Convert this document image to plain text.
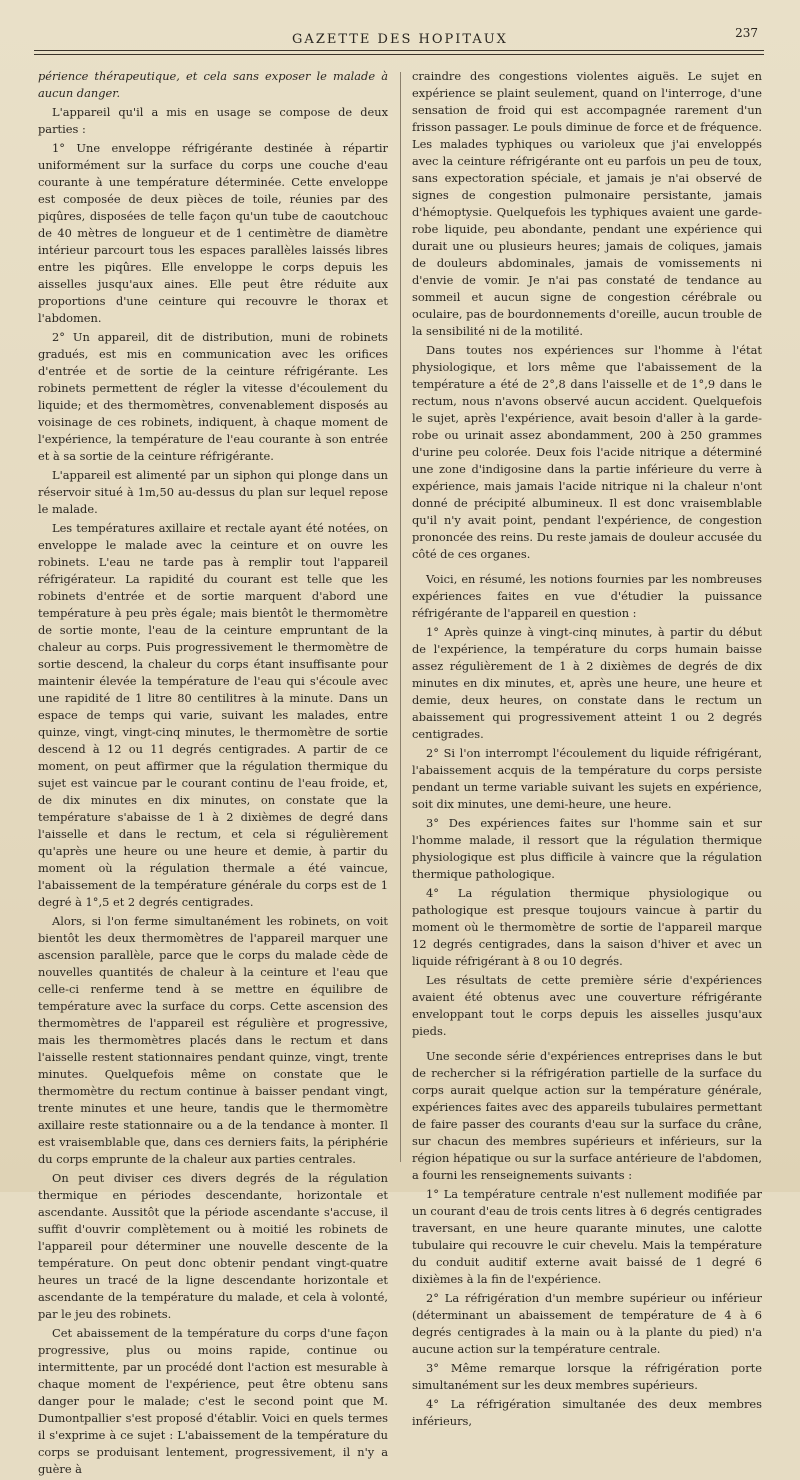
GAZETTE DES HOPITAUX	237

périence thérapeutique, et cela sans exposer le malade à aucun danger.

L'appareil qu'il a mis en usage se compose de deux parties :

1° Une enveloppe réfrigérante destinée à répartir uniformément sur la surface du corps une couche d'eau courante à une température déterminée. Cette enveloppe est composée de deux pièces de toile, réunies par des piqûres, disposées de telle façon qu'un tube de caoutchouc de 40 mètres de longueur et de 1 centimètre de diamètre intérieur parcourt tous les espaces parallèles laissés libres entre les piqûres. Elle enveloppe le corps depuis les aisselles jusqu'aux aines. Elle peut être réduite aux proportions d'une ceinture qui recouvre le thorax et l'abdomen.

2° Un appareil, dit de distribution, muni de robinets gradués, est mis en communication avec les orifices d'entrée et de sortie de la ceinture réfrigérante. Les robinets permettent de régler la vitesse d'écoulement du liquide; et des thermomètres, convenablement disposés au voisinage de ces robinets, indiquent, à chaque moment de l'expérience, la température de l'eau courante à son entrée et à sa sortie de la ceinture réfrigérante.

L'appareil est alimenté par un siphon qui plonge dans un réservoir situé à 1m,50 au-dessus du plan sur lequel repose le malade.

Les températures axillaire et rectale ayant été notées, on enveloppe le malade avec la ceinture et on ouvre les robinets. L'eau ne tarde pas à remplir tout l'appareil réfrigérateur. La rapidité du courant est telle que les robinets d'entrée et de sortie marquent d'abord une température à peu près égale; mais bientôt le thermomètre de sortie monte, l'eau de la ceinture empruntant de la chaleur au corps. Puis progressivement le thermomètre de sortie descend, la chaleur du corps étant insuffisante pour maintenir élevée la température de l'eau qui s'écoule avec une rapidité de 1 litre 80 centilitres à la minute. Dans un espace de temps qui varie, suivant les malades, entre quinze, vingt, vingt-cinq minutes, le thermomètre de sortie descend à 12 ou 11 degrés centigrades. A partir de ce moment, on peut affirmer que la régulation thermique du sujet est vaincue par le courant continu de l'eau froide, et, de dix minutes en dix minutes, on constate que la température s'abaisse de 1 à 2 dixièmes de degré dans l'aisselle et dans le rectum, et cela si régulièrement qu'après une heure ou une heure et demie, à partir du moment où la régulation thermale a été vaincue, l'abaissement de la température générale du corps est de 1 degré à 1°,5 et 2 degrés centigrades.

Alors, si l'on ferme simultanément les robinets, on voit bientôt les deux thermomètres de l'appareil marquer une ascension parallèle, parce que le corps du malade cède de nouvelles quantités de chaleur à la ceinture et l'eau que celle-ci renferme tend à se mettre en équilibre de température avec la surface du corps. Cette ascension des thermomètres de l'appareil est régulière et progressive, mais les thermomètres placés dans le rectum et dans l'aisselle restent stationnaires pendant quinze, vingt, trente minutes. Quelquefois même on constate que le thermomètre du rectum continue à baisser pendant vingt, trente minutes et une heure, tandis que le thermomètre axillaire reste stationnaire ou a de la tendance à monter. Il est vraisemblable que, dans ces derniers faits, la périphérie du corps emprunte de la chaleur aux parties centrales.

On peut diviser ces divers degrés de la régulation thermique en périodes descendante, horizontale et ascendante. Aussitôt que la période ascendante s'accuse, il suffit d'ouvrir complètement ou à moitié les robinets de l'appareil pour déterminer une nouvelle descente de la température. On peut donc obtenir pendant vingt-quatre heures un tracé de la ligne descendante horizontale et ascendante de la température du malade, et cela à volonté, par le jeu des robinets.

Cet abaissement de la température du corps d'une façon progressive, plus ou moins rapide, continue ou intermittente, par un procédé dont l'action est mesurable à chaque moment de l'expérience, peut être obtenu sans danger pour le malade; c'est le second point que M. Dumontpallier s'est proposé d'établir. Voici en quels termes il s'exprime à ce sujet : L'abaissement de la température du corps se produisant lentement, progressivement, il n'y a guère à

craindre des congestions violentes aiguës. Le sujet en expérience se plaint seulement, quand on l'interroge, d'une sensation de froid qui est accompagnée rarement d'un frisson passager. Le pouls diminue de force et de fréquence. Les malades typhiques ou varioleux que j'ai enveloppés avec la ceinture réfrigérante ont eu parfois un peu de toux, sans expectoration spéciale, et jamais je n'ai observé de signes de congestion pulmonaire persistante, jamais d'hémoptysie. Quelquefois les typhiques avaient une garde-robe liquide, peu abondante, pendant une expérience qui durait une ou plusieurs heures; jamais de coliques, jamais de douleurs abdominales, jamais de vomissements ni d'envie de vomir. Je n'ai pas constaté de tendance au sommeil et aucun signe de congestion cérébrale ou oculaire, pas de bourdonnements d'oreille, aucun trouble de la sensibilité ni de la motilité.

Dans toutes nos expériences sur l'homme à l'état physiologique, et lors même que l'abaissement de la température a été de 2°,8 dans l'aisselle et de 1°,9 dans le rectum, nous n'avons observé aucun accident. Quelquefois le sujet, après l'expérience, avait besoin d'aller à la garde-robe ou urinait assez abondamment, 200 à 250 grammes d'urine peu colorée. Deux fois l'acide nitrique a déterminé une zone d'indigosine dans la partie inférieure du verre à expérience, mais jamais l'acide nitrique ni la chaleur n'ont donné de précipité albumineux. Il est donc vraisemblable qu'il n'y avait point, pendant l'expérience, de congestion prononcée des reins. Du reste jamais de douleur accusée du côté de ces organes.

Voici, en résumé, les notions fournies par les nombreuses expériences faites en vue d'étudier la puissance réfrigérante de l'appareil en question :

1° Après quinze à vingt-cinq minutes, à partir du début de l'expérience, la température du corps humain baisse assez régulièrement de 1 à 2 dixièmes de degrés de dix minutes en dix minutes, et, après une heure, une heure et demie, deux heures, on constate dans le rectum un abaissement qui progressivement atteint 1 ou 2 degrés centigrades.

2° Si l'on interrompt l'écoulement du liquide réfrigérant, l'abaissement acquis de la température du corps persiste pendant un terme variable suivant les sujets en expérience, soit dix minutes, une demi-heure, une heure.

3° Des expériences faites sur l'homme sain et sur l'homme malade, il ressort que la régulation thermique physiologique est plus difficile à vaincre que la régulation thermique pathologique.

4° La régulation thermique physiologique ou pathologique est presque toujours vaincue à partir du moment où le thermomètre de sortie de l'appareil marque 12 degrés centigrades, dans la saison d'hiver et avec un liquide réfrigérant à 8 ou 10 degrés.

Les résultats de cette première série d'expériences avaient été obtenus avec une couverture réfrigérante enveloppant tout le corps depuis les aisselles jusqu'aux pieds.

Une seconde série d'expériences entreprises dans le but de rechercher si la réfrigération partielle de la surface du corps aurait quelque action sur la température générale, expériences faites avec des appareils tubulaires permettant de faire passer des courants d'eau sur la surface du crâne, sur chacun des membres supérieurs et inférieurs, sur la région hépatique ou sur la surface antérieure de l'abdomen, a fourni les renseignements suivants :

1° La température centrale n'est nullement modifiée par un courant d'eau de trois cents litres à 6 degrés centigrades traversant, en une heure quarante minutes, une calotte tubulaire qui recouvre le cuir chevelu. Mais la température du conduit auditif externe avait baissé de 1 degré 6 dixièmes à la fin de l'expérience.

2° La réfrigération d'un membre supérieur ou inférieur (déterminant un abaissement de température de 4 à 6 degrés centigrades à la main ou à la plante du pied) n'a aucune action sur la température centrale.

3° Même remarque lorsque la réfrigération porte simultanément sur les deux membres supérieurs.

4° La réfrigération simultanée des deux membres inférieurs,
